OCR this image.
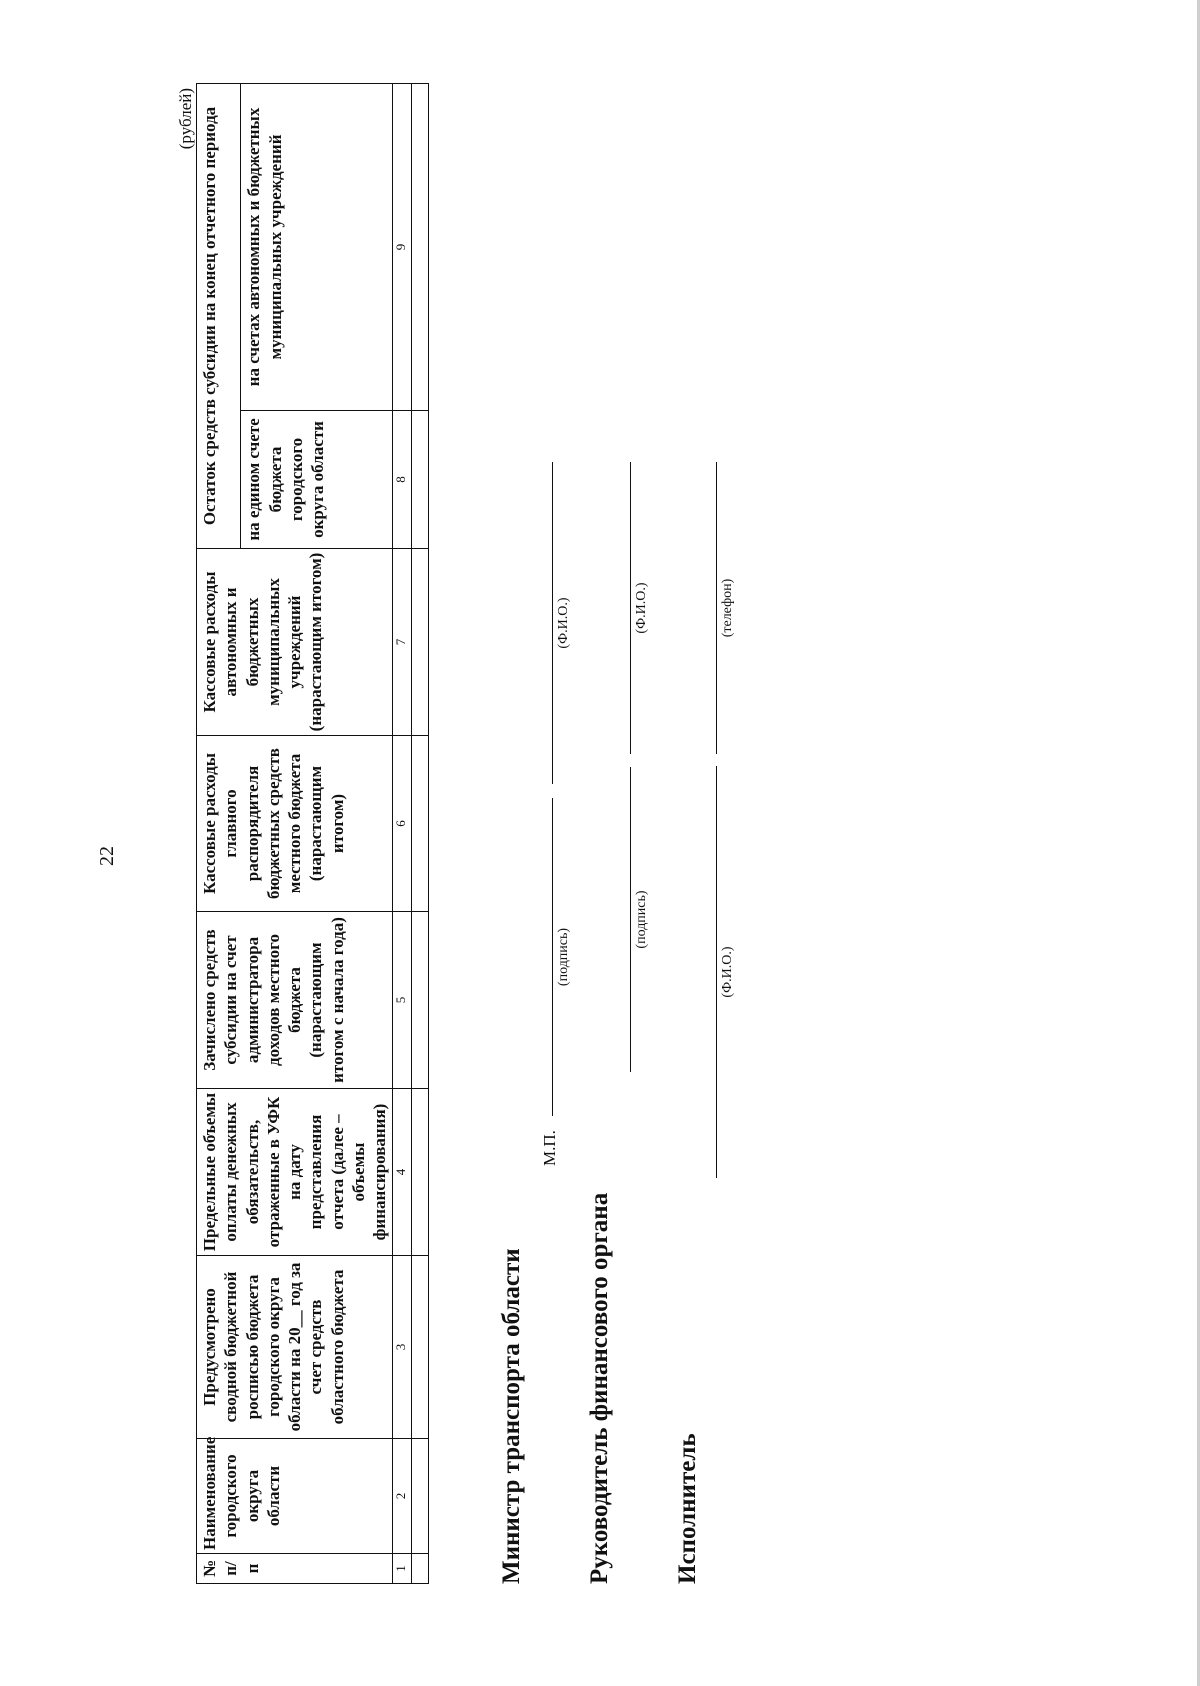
22
(рублей)
№ п/п	Наименование городского округа области	Предусмотрено сводной бюджетной росписью бюджета городского округа области на 20__ год за счет средств областного бюджета	Предельные объемы оплаты денежных обязательств, отраженные в УФК на дату представления отчета (далее – объемы финансирования)	Зачислено средств субсидии на счет администратора доходов местного бюджета (нарастающим итогом с начала года)	Кассовые расходы главного распорядителя бюджетных средств местного бюджета (нарастающим итогом)	Кассовые расходы автономных и бюджетных муниципальных учреждений (нарастающим итогом)	Остаток средств субсидии на конец отчетного периода	
							на едином счете бюджета городского округа области	на счетах автономных и бюджетных муниципальных учреждений
1	2	3	4	5	6	7	8	9

Министр транспорта области
М.П.
(подпись)
(Ф.И.О.)
Руководитель финансового органа
(подпись)
(Ф.И.О.)
Исполнитель
(Ф.И.О.)
(телефон)
